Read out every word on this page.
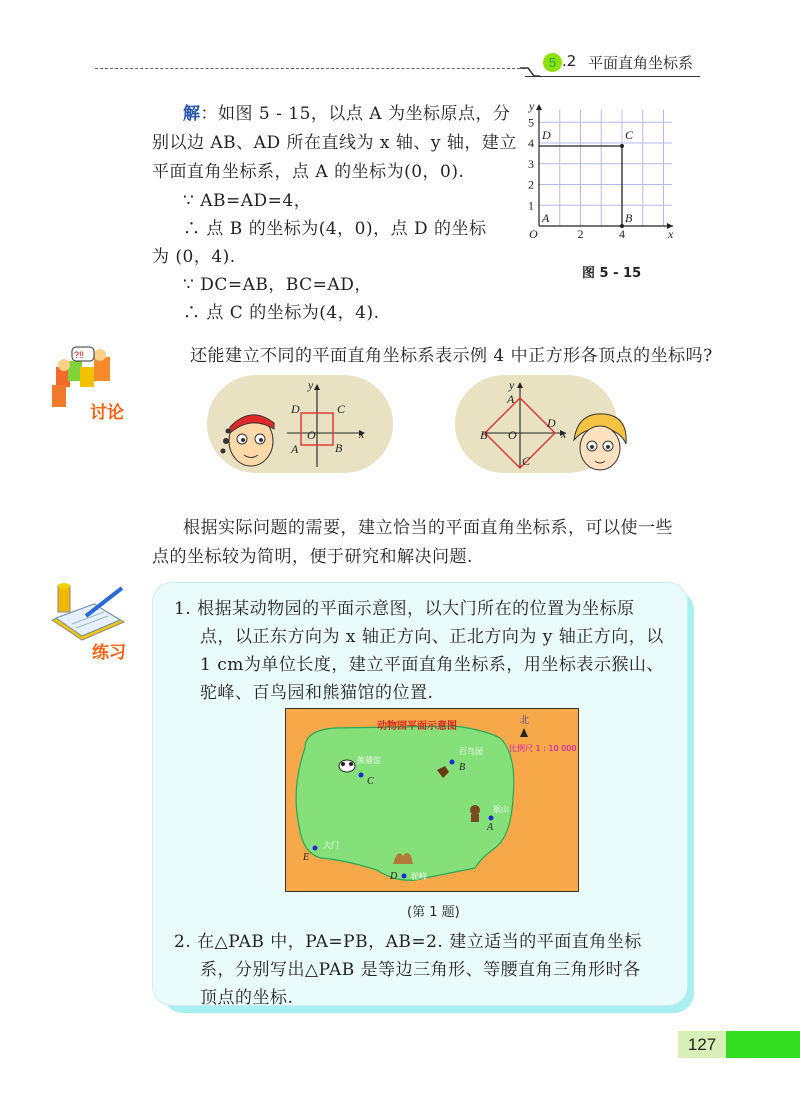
5 .2 平面直角坐标系
解：如图 5 - 15，以点 A 为坐标原点，分
别以边 AB、AD 所在直线为 x 轴、y 轴，建立
平面直角坐标系，点 A 的坐标为(0，0).
∵ AB=AD=4，
∴ 点 B 的坐标为(4，0)，点 D 的坐标
为 (0，4).
∵ DC=AB，BC=AD，
∴ 点 C 的坐标为(4，4).
1
2
3
4
5
2	4
O	x
y
A	B
C
D
图 5 - 15
?!!
讨论
还能建立不同的平面直角坐标系表示例 4 中正方形各顶点的坐标吗?
y
x
O
D	C
A	B
y
x
O
A
B
C
D
根据实际问题的需要，建立恰当的平面直角坐标系，可以使一些
点的坐标较为简明，便于研究和解决问题.
练习
1. 根据某动物园的平面示意图，以大门所在的位置为坐标原
点，以正东方向为 x 轴正方向、正北方向为 y 轴正方向，以
1 cm为单位长度，建立平面直角坐标系，用坐标表示猴山、
驼峰、百鸟园和熊猫馆的位置.
动物园平面示意图	北
比例尺 1 : 10 000
熊猫馆
C
百鸟园
B
猴山
A
大门
E
D 驼峰
(第 1 题)
2. 在△PAB 中，PA=PB，AB=2. 建立适当的平面直角坐标
系，分别写出△PAB 是等边三角形、等腰直角三角形时各
顶点的坐标.
127
